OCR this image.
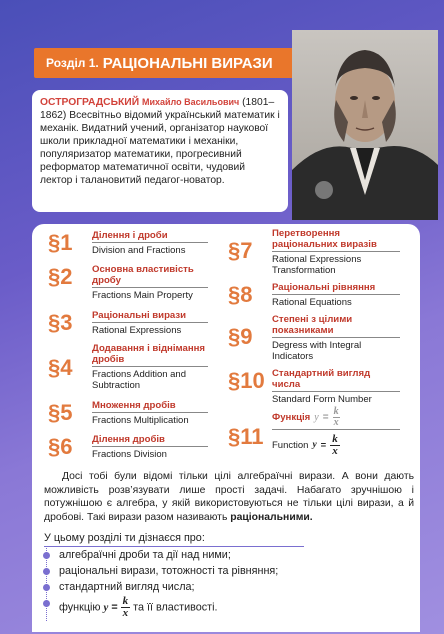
Розділ 1. РАЦІОНАЛЬНІ ВИРАЗИ
ОСТРОГРАДСЬКИЙ Михайло Васильович (1801–1862) Всесвітньо відомий український математик і механік. Видатний учений, організатор наукової школи прикладної математики і механіки, популяризатор математики, прогресивний реформатор математичної освіти, чудовий лектор і талановитий педагог-новатор.
§1	Ділення і дроби
Division and Fractions
§2	Основна властивість дробу
Fractions Main Property
§3	Раціональні вирази
Rational Expressions
§4
Додавання і віднімання дробів
Fractions Addition and Subtraction
§5	Множення дробів
Fractions Multiplication
§6	Ділення дробів
Fractions Division
§7
Перетворення раціональних виразів
Rational Expressions Transformation
§8	Раціональні рівняння
Rational Equations
§9
Степені з цілими показниками
Degress with Integral Indicators
§10 Стандартний вигляд числа
Standard Form Number
§11
Функція $y = \frac{k}{x}$
Function $y = \frac{k}{x}$
Досі тобі були відомі тільки цілі алгебраїчні вирази. А вони дають можливість розв’язувати лише прості задачі. Набагато зручнішою і потужнішою є алгебра, у якій використовуються не тільки цілі вирази, а й дробові. Такі вирази разом називають раціональними.
У цьому розділі ти дізнаєся про:
алгебраїчні дроби та дії над ними;
раціональні вирази, тотожності та рівняння;
стандартний вигляд числа;
функцію $y = \frac{k}{x}$ та її властивості.
